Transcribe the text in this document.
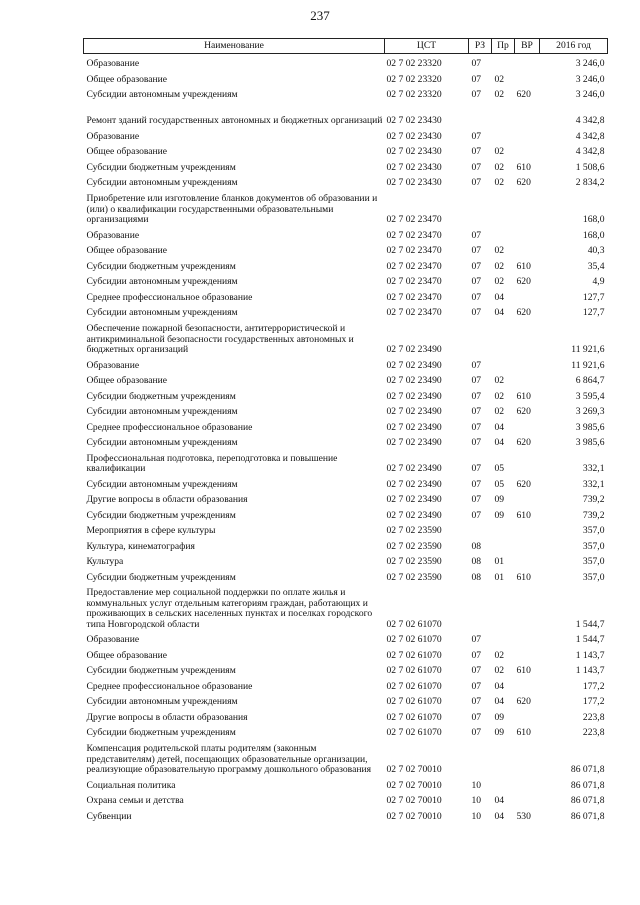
237
Наименование	ЦСТ	РЗ	Пр	ВР	2016 год
Образование	02 7 02 23320	07			3 246,0
Общее образование	02 7 02 23320	07	02		3 246,0
Субсидии автономным учреждениям	02 7 02 23320	07	02	620	3 246,0
Ремонт зданий государственных автономных и бюджетных организаций	02 7 02 23430				4 342,8
Образование	02 7 02 23430	07			4 342,8
Общее образование	02 7 02 23430	07	02		4 342,8
Субсидии бюджетным учреждениям	02 7 02 23430	07	02	610	1 508,6
Субсидии автономным учреждениям	02 7 02 23430	07	02	620	2 834,2
Приобретение или изготовление бланков документов об образовании и (или) о квалификации государственными образовательными организациями	02 7 02 23470				168,0
Образование	02 7 02 23470	07			168,0
Общее образование	02 7 02 23470	07	02		40,3
Субсидии бюджетным учреждениям	02 7 02 23470	07	02	610	35,4
Субсидии автономным учреждениям	02 7 02 23470	07	02	620	4,9
Среднее профессиональное образование	02 7 02 23470	07	04		127,7
Субсидии автономным учреждениям	02 7 02 23470	07	04	620	127,7
Обеспечение пожарной безопасности, антитеррористической и антикриминальной безопасности государственных автономных и бюджетных организаций	02 7 02 23490				11 921,6
Образование	02 7 02 23490	07			11 921,6
Общее образование	02 7 02 23490	07	02		6 864,7
Субсидии бюджетным учреждениям	02 7 02 23490	07	02	610	3 595,4
Субсидии автономным учреждениям	02 7 02 23490	07	02	620	3 269,3
Среднее профессиональное образование	02 7 02 23490	07	04		3 985,6
Субсидии автономным учреждениям	02 7 02 23490	07	04	620	3 985,6
Профессиональная подготовка, переподготовка и повышение квалификации	02 7 02 23490	07	05		332,1
Субсидии автономным учреждениям	02 7 02 23490	07	05	620	332,1
Другие вопросы в области образования	02 7 02 23490	07	09		739,2
Субсидии бюджетным учреждениям	02 7 02 23490	07	09	610	739,2
Мероприятия в сфере культуры	02 7 02 23590				357,0
Культура, кинематография	02 7 02 23590	08			357,0
Культура	02 7 02 23590	08	01		357,0
Субсидии бюджетным учреждениям	02 7 02 23590	08	01	610	357,0
Предоставление мер социальной поддержки по оплате жилья и коммунальных услуг отдельным категориям граждан, работающих и проживающих в сельских населенных пунктах и поселках городского типа Новгородской области	02 7 02 61070				1 544,7
Образование	02 7 02 61070	07			1 544,7
Общее образование	02 7 02 61070	07	02		1 143,7
Субсидии бюджетным учреждениям	02 7 02 61070	07	02	610	1 143,7
Среднее профессиональное образование	02 7 02 61070	07	04		177,2
Субсидии автономным учреждениям	02 7 02 61070	07	04	620	177,2
Другие вопросы в области образования	02 7 02 61070	07	09		223,8
Субсидии бюджетным учреждениям	02 7 02 61070	07	09	610	223,8
Компенсация родительской платы родителям (законным представителям) детей, посещающих образовательные организации, реализующие образовательную программу дошкольного образования	02 7 02 70010				86 071,8
Социальная политика	02 7 02 70010	10			86 071,8
Охрана семьи и детства	02 7 02 70010	10	04		86 071,8
Субвенции	02 7 02 70010	10	04	530	86 071,8
